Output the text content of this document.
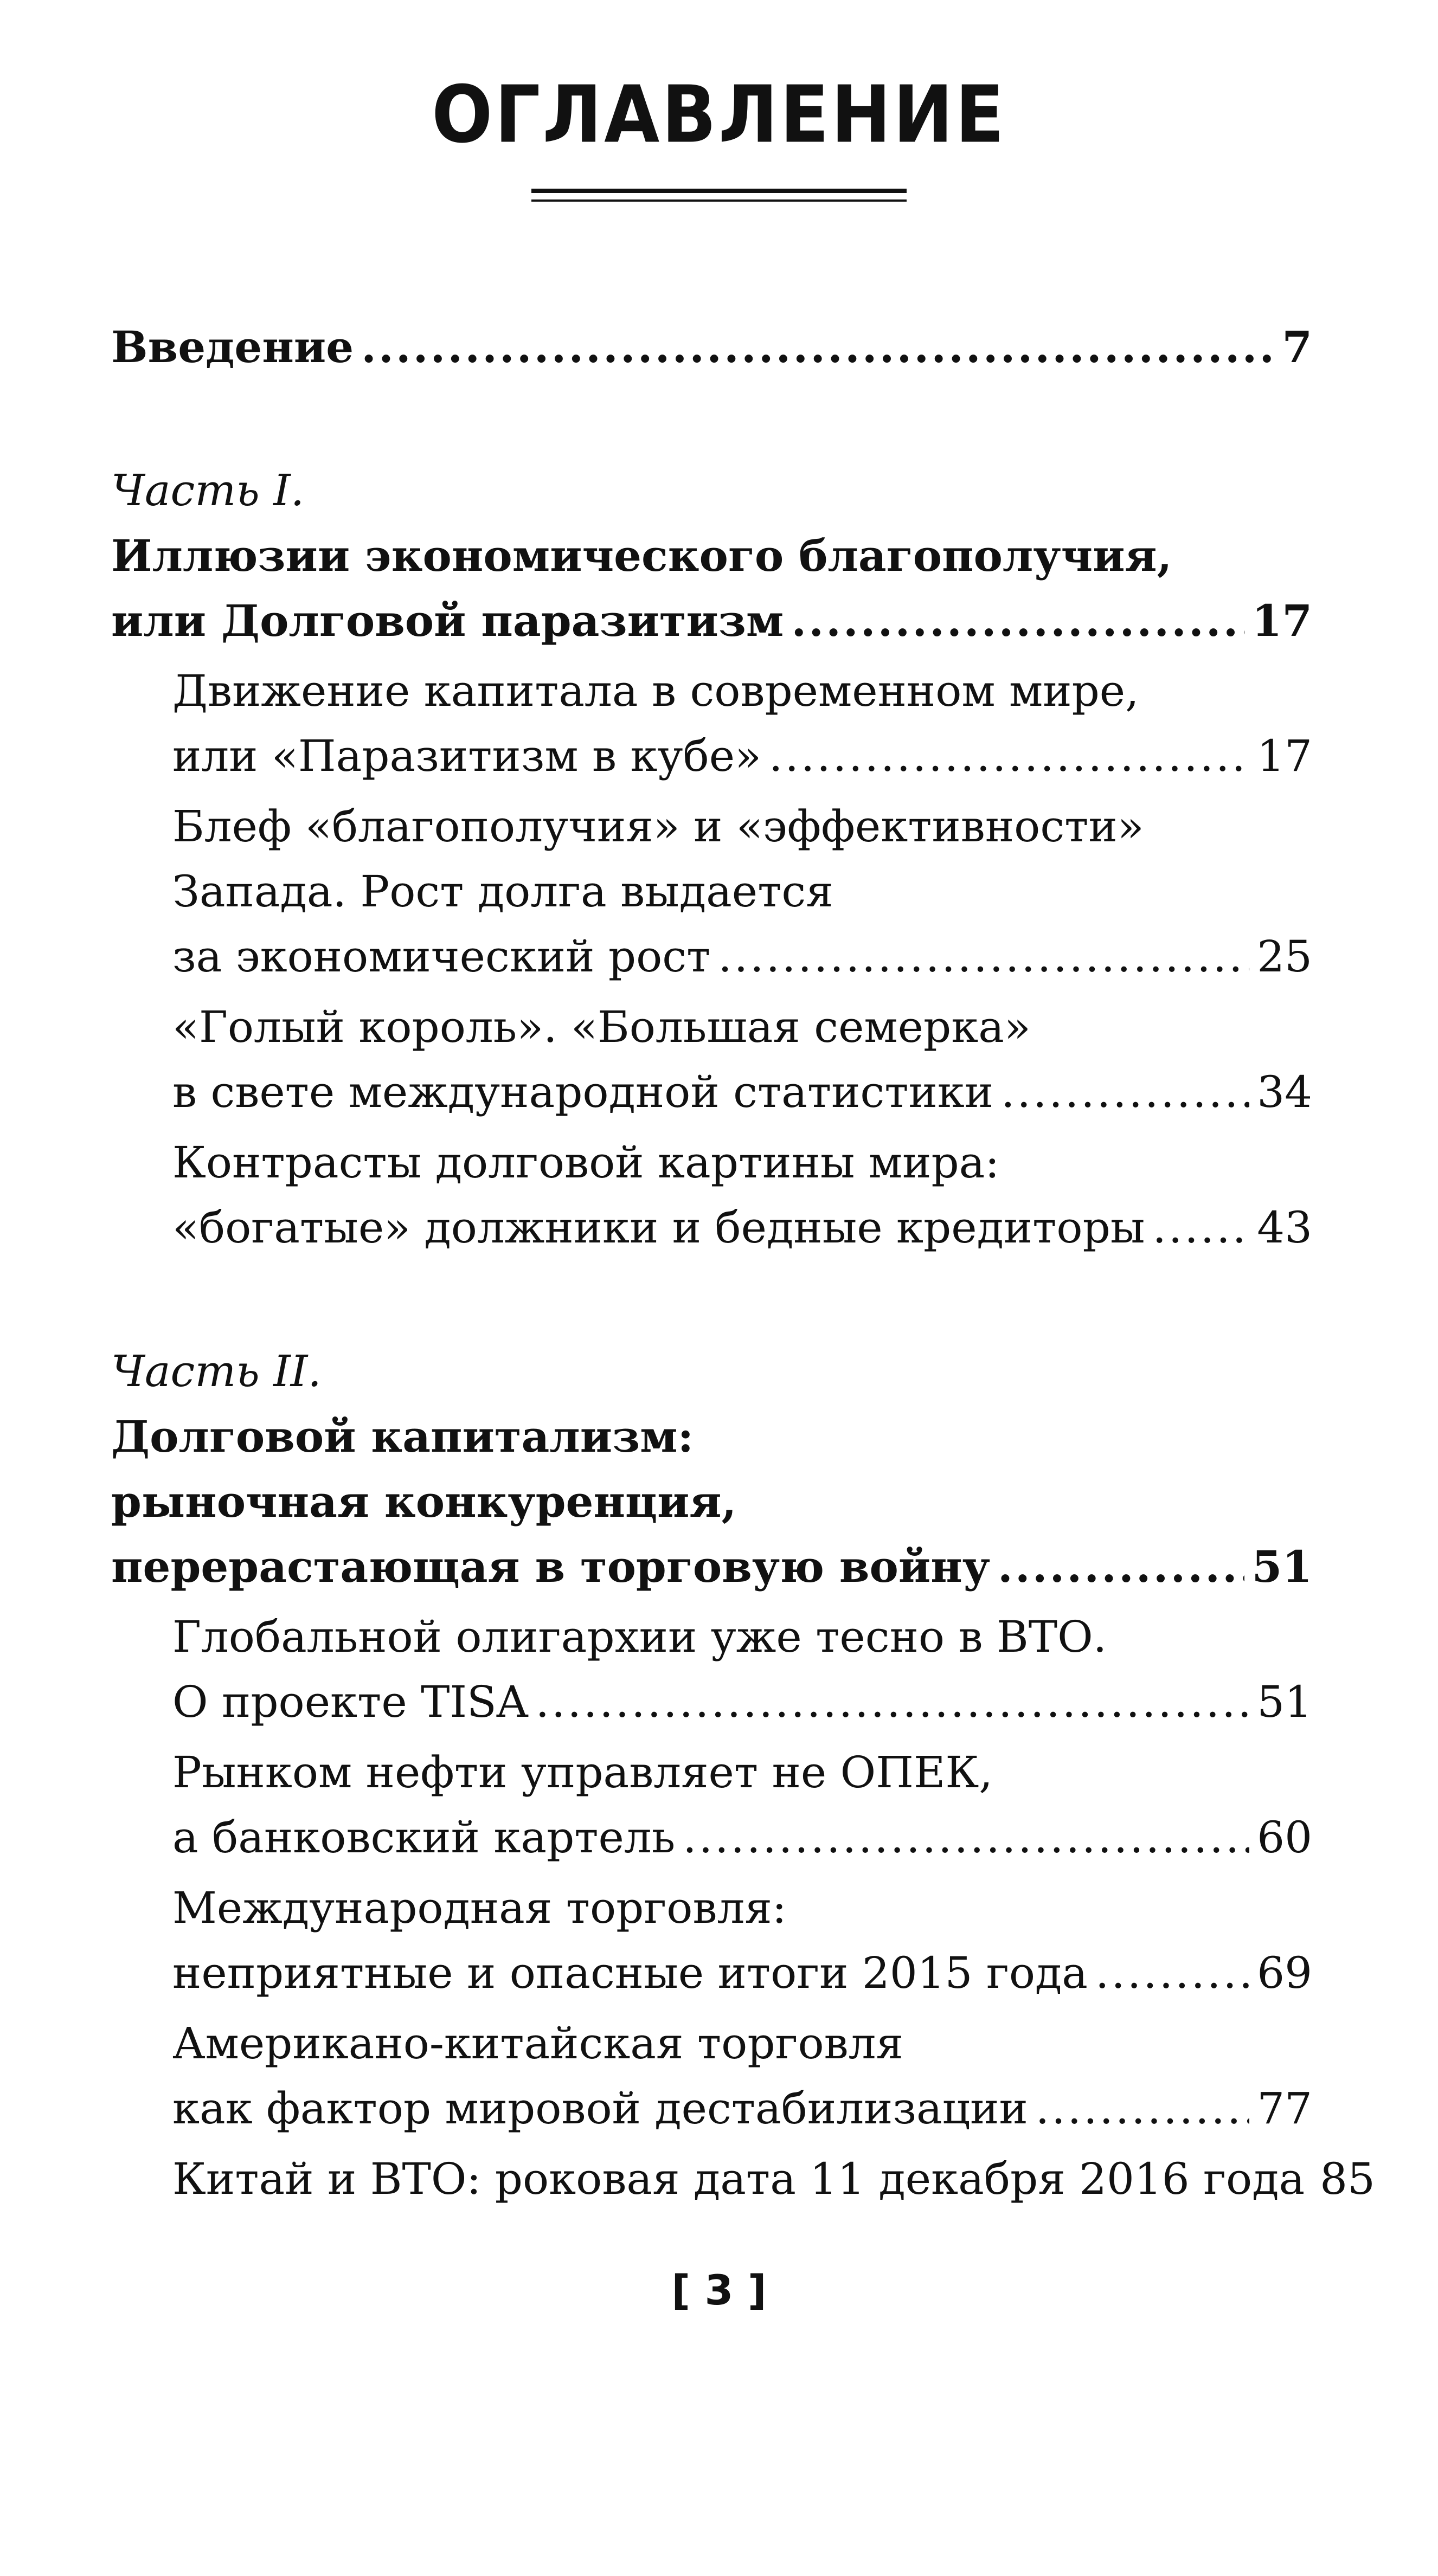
ОГЛАВЛЕНИЕ
Введение .....	7
Часть I.
Иллюзии экономического благополучия,
или Долговой паразитизм .....	17
Движение капитала в современном мире,
или «Паразитизм в кубе» .....	17
Блеф «благополучия» и «эффективности»
Запада. Рост долга выдается
за экономический рост .....	25
«Голый король». «Большая семерка»
в свете международной статистики .....	34
Контрасты долговой картины мира:
«богатые» должники и бедные кредиторы .....	43
Часть II.
Долговой капитализм:
рыночная конкуренция,
перерастающая в торговую войну .....	51
Глобальной олигархии уже тесно в ВТО.
О проекте TISA .....	51
Рынком нефти управляет не ОПЕК,
а банковский картель .....	60
Международная торговля:
неприятные и опасные итоги 2015 года .....	69
Американо-китайская торговля
как фактор мировой дестабилизации .....	77
Китай и ВТО: роковая дата 11 декабря 2016 года 85
[ 3 ]
